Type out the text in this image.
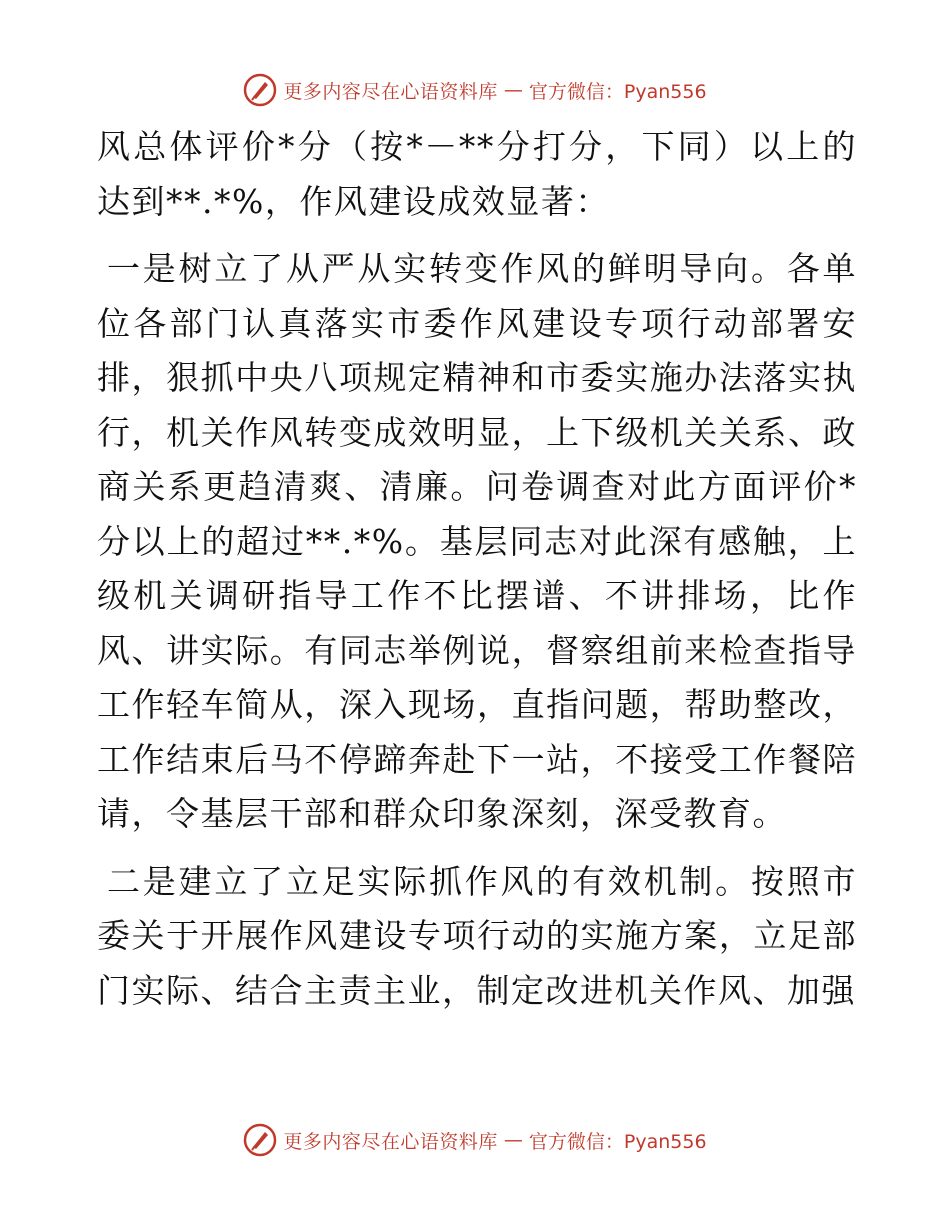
更多内容尽在心语资料库 — 官方微信：Pyan556

风总体评价*分（按*－**分打分，下同）以上的达到**.*%，作风建设成效显著：

一是树立了从严从实转变作风的鲜明导向。各单位各部门认真落实市委作风建设专项行动部署安排，狠抓中央八项规定精神和市委实施办法落实执行，机关作风转变成效明显，上下级机关关系、政商关系更趋清爽、清廉。问卷调查对此方面评价*分以上的超过**.*%。基层同志对此深有感触，上级机关调研指导工作不比摆谱、不讲排场，比作风、讲实际。有同志举例说，督察组前来检查指导工作轻车简从，深入现场，直指问题，帮助整改，工作结束后马不停蹄奔赴下一站，不接受工作餐陪请，令基层干部和群众印象深刻，深受教育。

二是建立了立足实际抓作风的有效机制。按照市委关于开展作风建设专项行动的实施方案，立足部门实际、结合主责主业，制定改进机关作风、加强

更多内容尽在心语资料库 — 官方微信：Pyan556
